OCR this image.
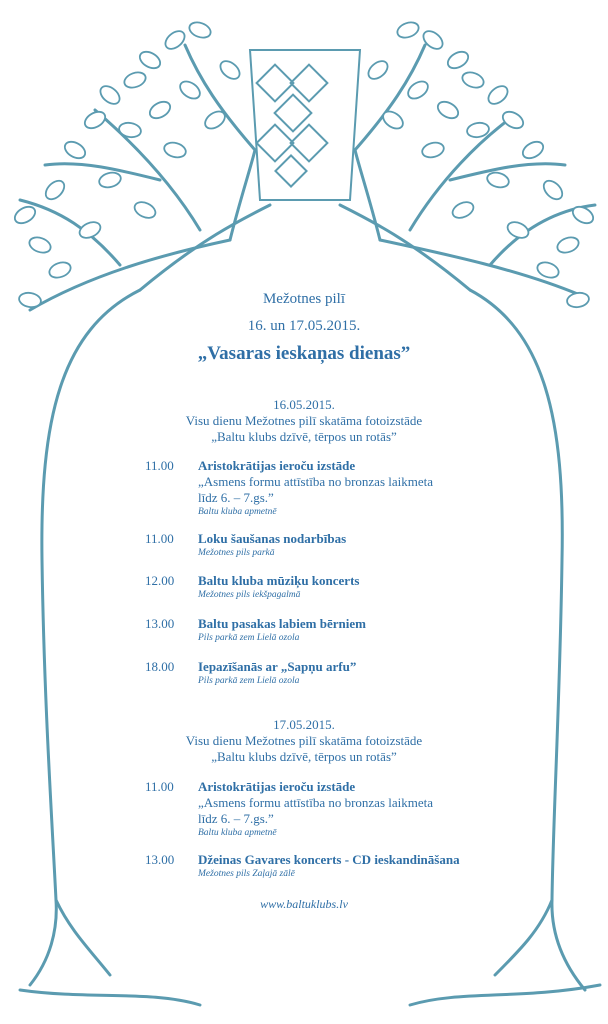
Mežotnes pilī
16. un 17.05.2015.
„Vasaras ieskaņas dienas”
16.05.2015.
Visu dienu Mežotnes pilī skatāma fotoizstāde
„Baltu klubs dzīvē, tērpos un rotās”
11.00	Aristokrātijas ieroču izstāde
„Asmens formu attīstība no bronzas laikmeta
līdz 6. – 7.gs.”
Baltu kluba apmetnē
11.00	Loku šaušanas nodarbības
Mežotnes pils parkā
12.00	Baltu kluba mūziķu koncerts
Mežotnes pils iekšpagalmā
13.00	Baltu pasakas labiem bērniem
Pils parkā zem Lielā ozola
18.00	Iepazīšanās ar „Sapņu arfu”
Pils parkā zem Lielā ozola
17.05.2015.
Visu dienu Mežotnes pilī skatāma fotoizstāde
„Baltu klubs dzīvē, tērpos un rotās”
11.00	Aristokrātijas ieroču izstāde
„Asmens formu attīstība no bronzas laikmeta
līdz 6. – 7.gs.”
Baltu kluba apmetnē
13.00	Džeinas Gavares koncerts - CD ieskandināšana
Mežotnes pils Zaļajā zālē
www.baltuklubs.lv
